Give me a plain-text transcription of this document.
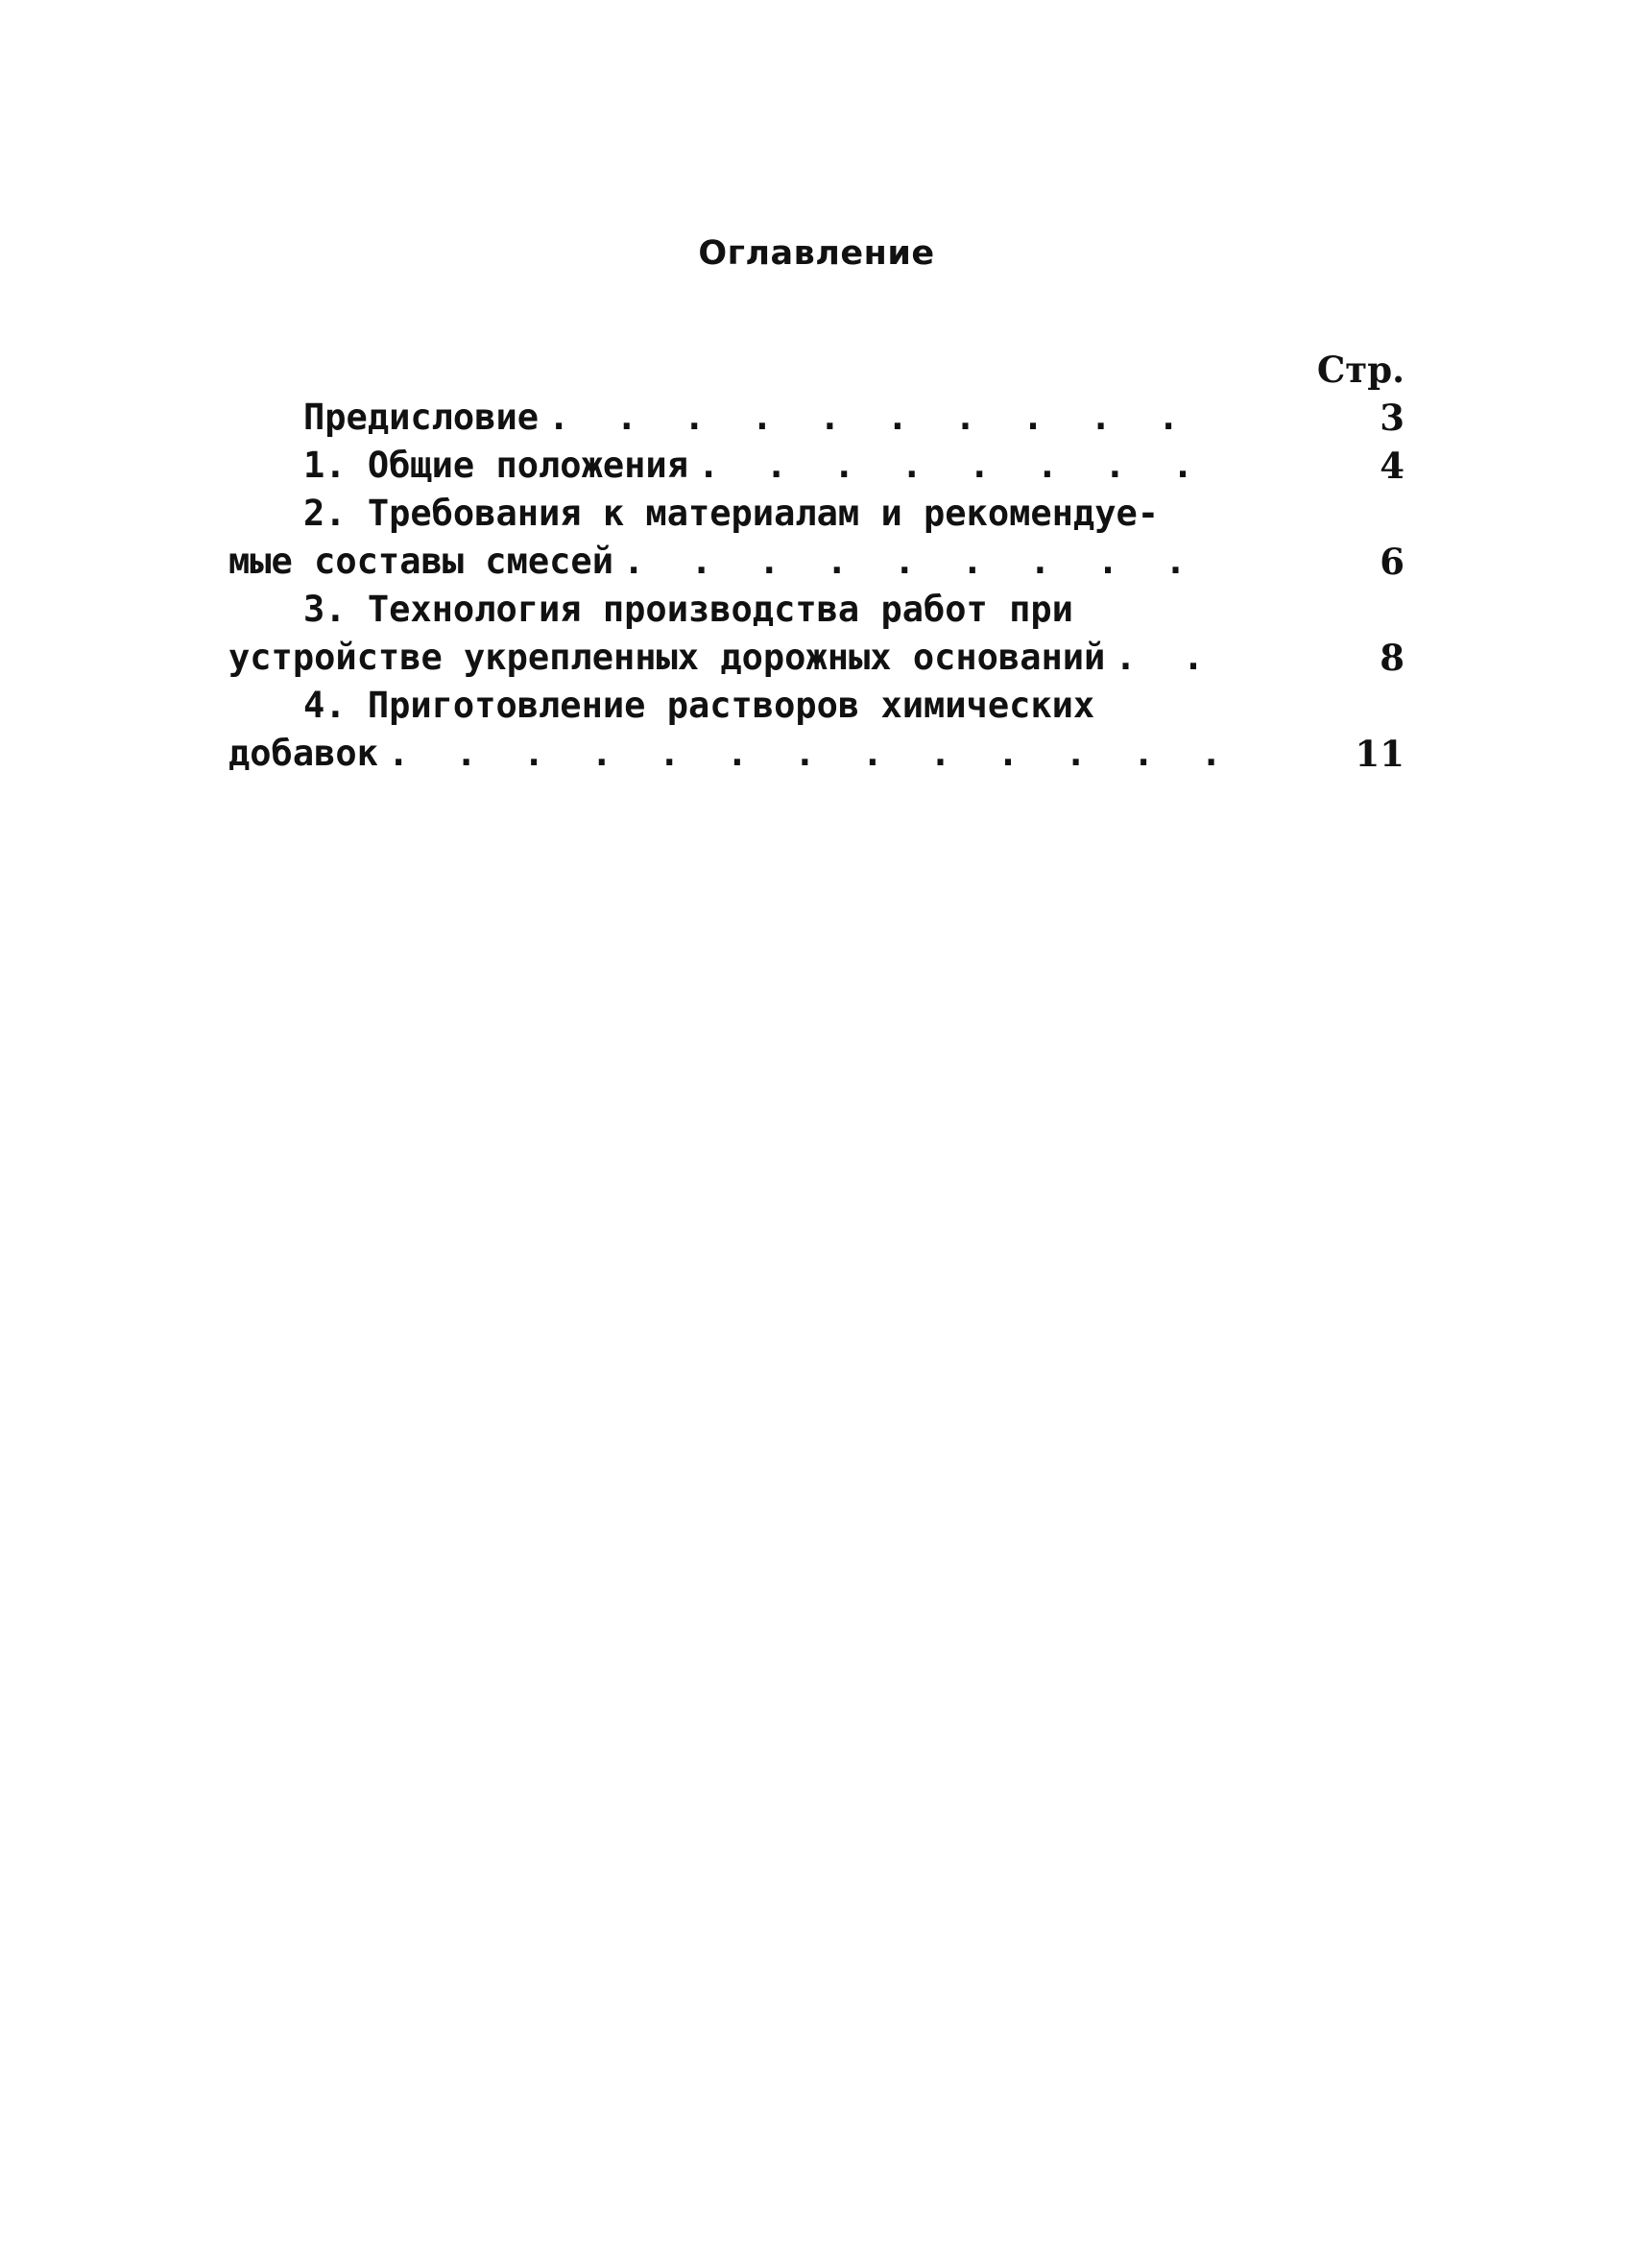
Оглавление
Стр.
Предисловие . . .	3
1. Общие положения . . .	4
2. Требования к материалам и рекомендуе-
мые составы смесей . . .	6
3. Технология производства работ при
устройстве укрепленных дорожных оснований . . .	8
4. Приготовление растворов химических
добавок . . .	11
